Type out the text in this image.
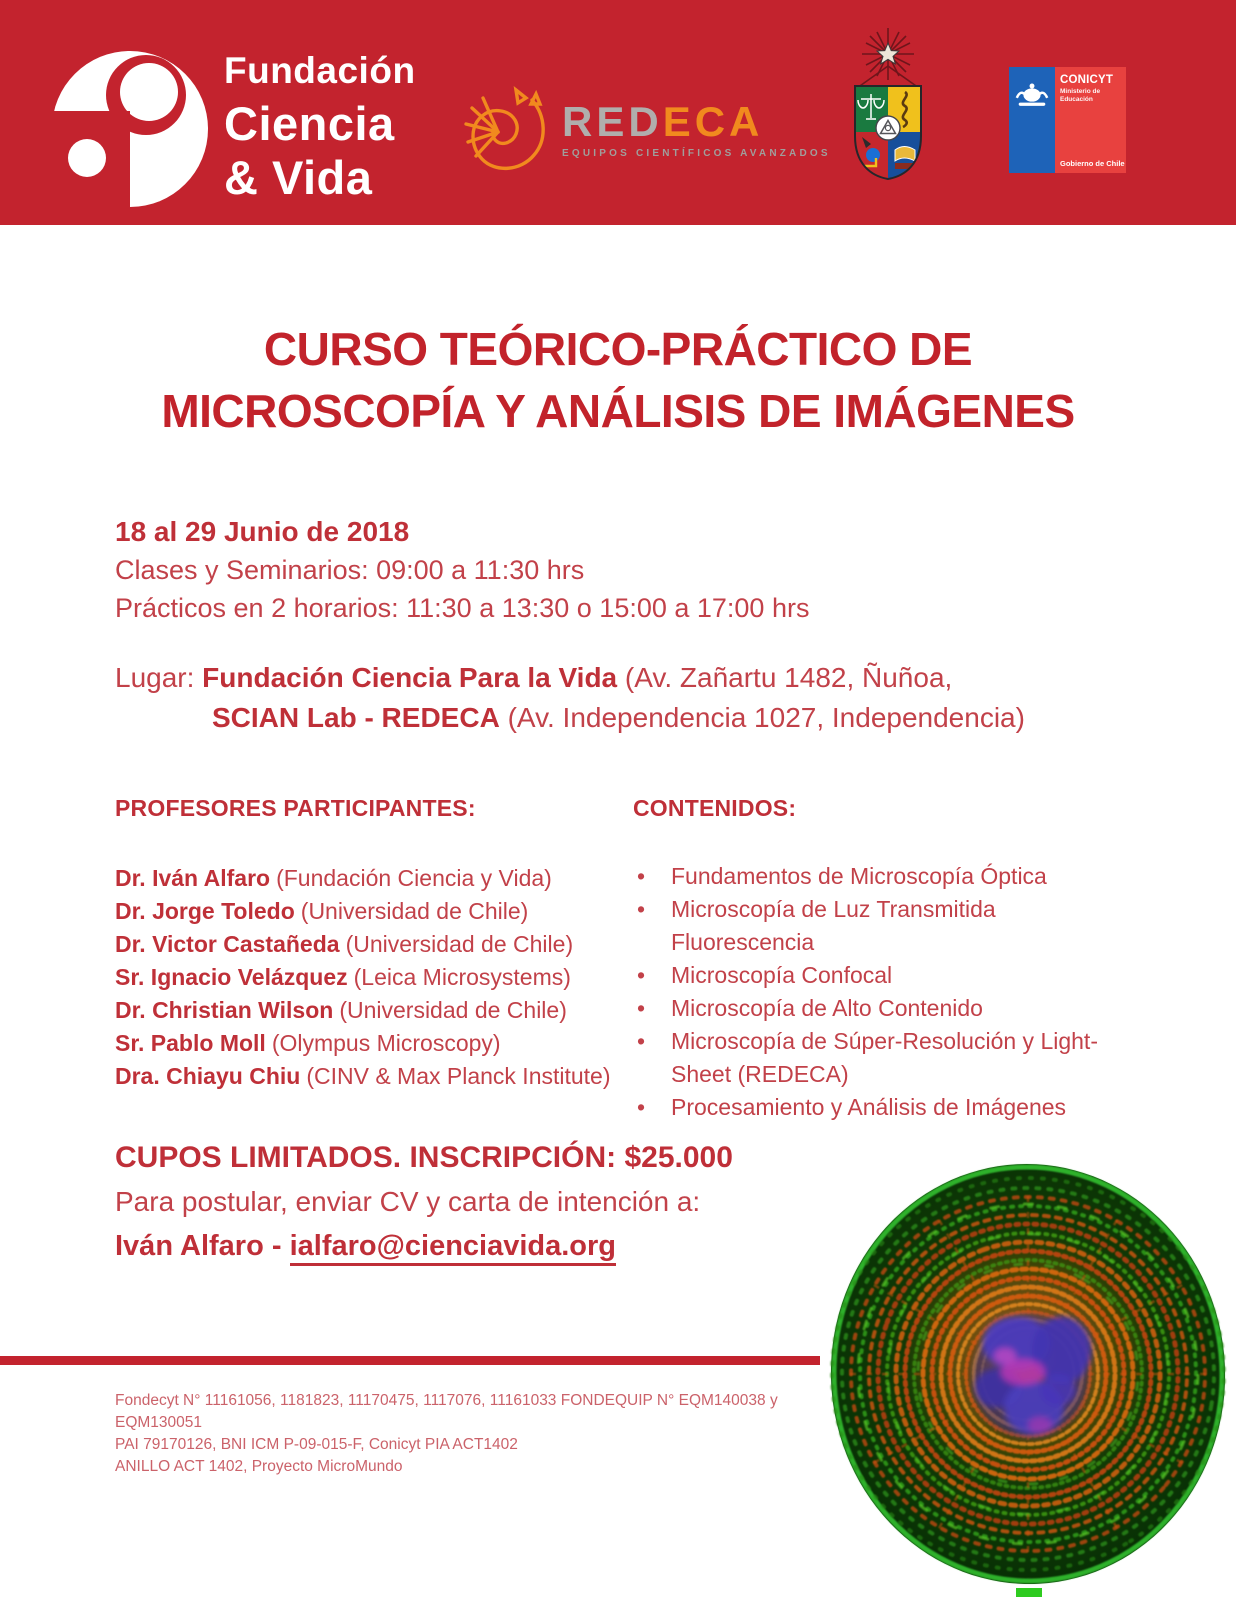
Fundación
Ciencia
& Vida
REDECA
EQUIPOS CIENTÍFICOS AVANZADOS
CONICYT
Ministerio de Educación
Gobierno de Chile
CURSO TEÓRICO-PRÁCTICO DE
MICROSCOPÍA Y ANÁLISIS DE IMÁGENES
18 al 29 Junio de 2018
Clases y Seminarios: 09:00 a 11:30 hrs
Prácticos en 2 horarios: 11:30 a 13:30 o 15:00 a 17:00 hrs
Lugar: Fundación Ciencia Para la Vida (Av. Zañartu 1482, Ñuñoa,
SCIAN Lab - REDECA (Av. Independencia 1027, Independencia)
PROFESORES PARTICIPANTES:
Dr. Iván Alfaro (Fundación Ciencia y Vida)
Dr. Jorge Toledo (Universidad de Chile)
Dr. Victor Castañeda (Universidad de Chile)
Sr. Ignacio Velázquez (Leica Microsystems)
Dr. Christian Wilson (Universidad de Chile)
Sr. Pablo Moll (Olympus Microscopy)
Dra. Chiayu Chiu (CINV & Max Planck Institute)
CONTENIDOS:
• Fundamentos de Microscopía Óptica
• Microscopía de Luz Transmitida Fluorescencia
• Microscopía Confocal
• Microscopía de Alto Contenido
• Microscopía de Súper-Resolución y Light-Sheet (REDECA)
• Procesamiento y Análisis de Imágenes
CUPOS LIMITADOS. INSCRIPCIÓN: $25.000
Para postular, enviar CV y carta de intención a:
Iván Alfaro - ialfaro@cienciavida.org
Fondecyt N° 11161056, 1181823, 11170475, 1117076, 11161033 FONDEQUIP N° EQM140038 y
EQM130051
PAI 79170126, BNI ICM P-09-015-F, Conicyt PIA ACT1402
ANILLO ACT 1402, Proyecto MicroMundo
